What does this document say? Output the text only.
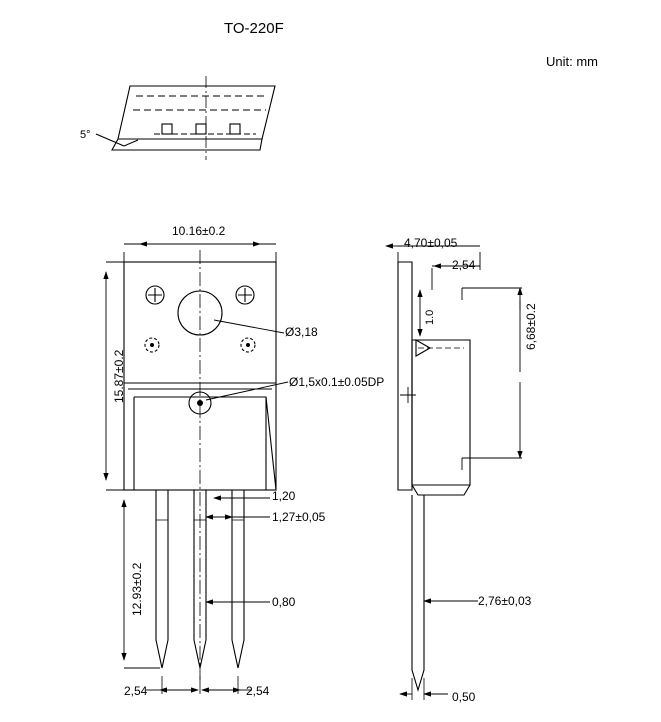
TO-220F
Unit: mm
5°
10.16±0.2
15.87±0.2
12.93±0.2
Ø3,18
Ø1,5x0.1±0.05DP
1,20
1,27±0,05
0,80
2,54	2,54
4,70±0,05
2,54
1.0	6,68±0.2
2,76±0,03
0,50
